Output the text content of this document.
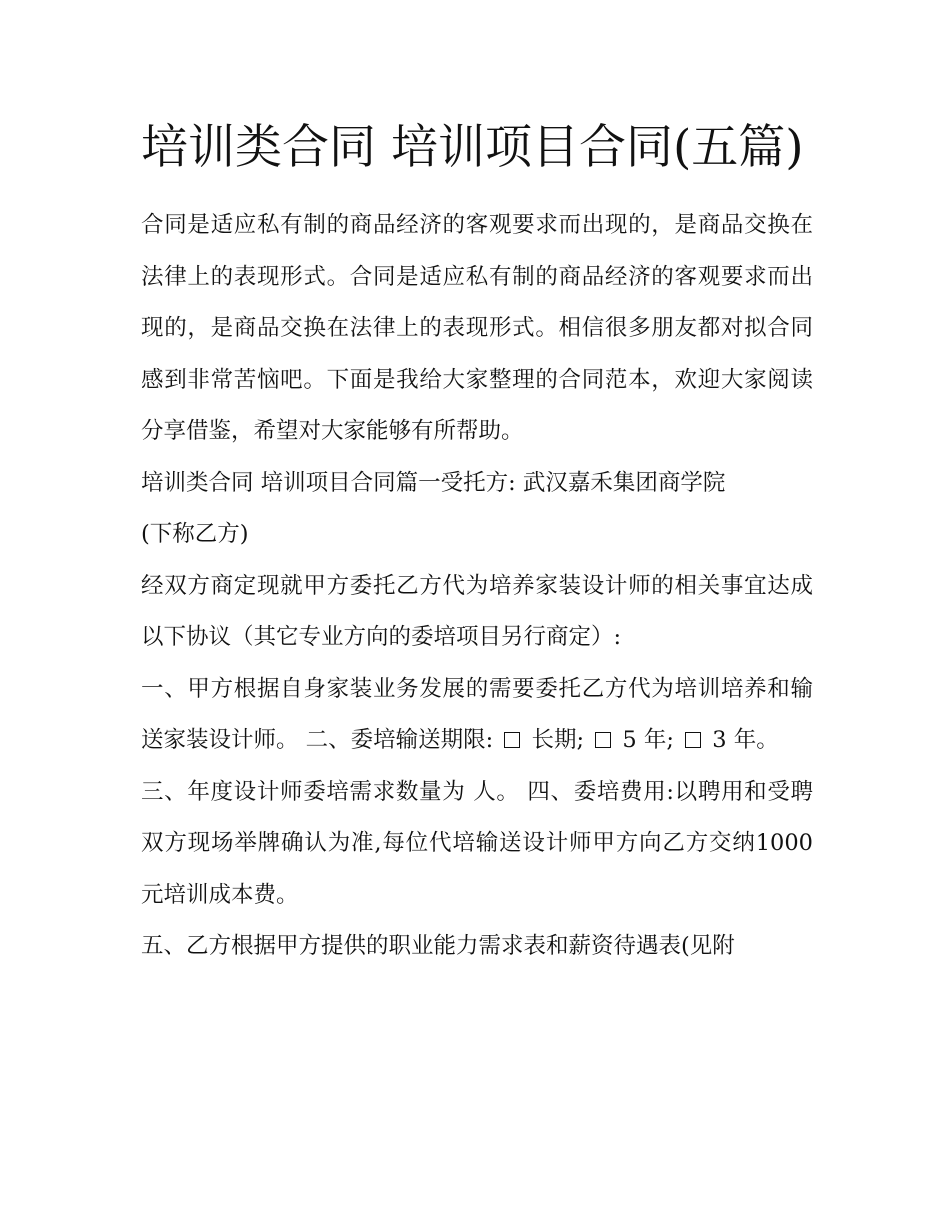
培训类合同 培训项目合同(五篇)

合同是适应私有制的商品经济的客观要求而出现的，是商品交换在法律上的表现形式。合同是适应私有制的商品经济的客观要求而出现的，是商品交换在法律上的表现形式。相信很多朋友都对拟合同感到非常苦恼吧。下面是我给大家整理的合同范本，欢迎大家阅读分享借鉴，希望对大家能够有所帮助。

培训类合同 培训项目合同篇一受托方: 武汉嘉禾集团商学院

(下称乙方)

经双方商定现就甲方委托乙方代为培养家装设计师的相关事宜达成以下协议（其它专业方向的委培项目另行商定）:

一、甲方根据自身家装业务发展的需要委托乙方代为培训培养和输送家装设计师。 二、委培输送期限:  长期;  5 年;  3 年。

三、年度设计师委培需求数量为 人。 四、委培费用:以聘用和受聘双方现场举牌确认为准,每位代培输送设计师甲方向乙方交纳1000 元培训成本费。

五、乙方根据甲方提供的职业能力需求表和薪资待遇表(见附
